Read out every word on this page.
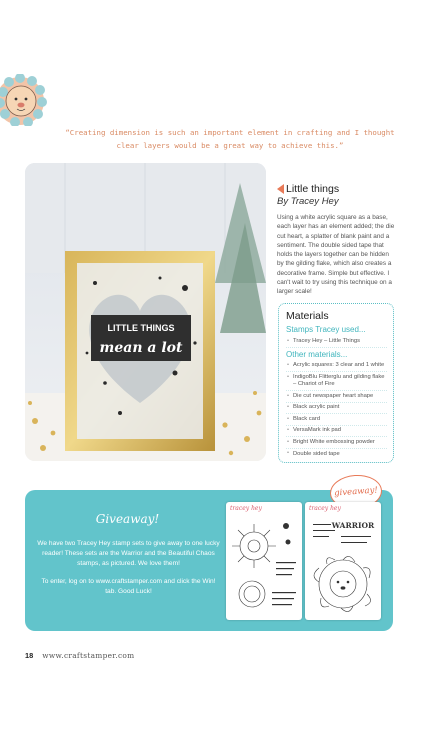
“Creating dimension is such an important element in crafting and I thought clear layers would be a great way to achieve this.”
LITTLE THINGS
mean a lot
Little things
By Tracey Hey
Using a white acrylic square as a base, each layer has an element added; the die cut heart, a splatter of blank paint and a sentiment. The double sided tape that holds the layers together can be hidden by the gilding flake, which also creates a decorative frame. Simple but effective. I can't wait to try using this technique on a larger scale!
Materials
Stamps Tracey used...
• Tracey Hey – Little Things
Other materials...
• Acrylic squares: 3 clear and 1 white
• IndigoBlu Flitterglu and gilding flake – Chariot of Fire
• Die cut newspaper heart shape
• Black acrylic paint
• Black card
• VersaMark ink pad
• Bright White embossing powder
• Double sided tape
Giveaway!

We have two Tracey Hey stamp sets to give away to one lucky reader! These sets are the Warrior and the Beautiful Chaos stamps, as pictured. We love them!

To enter, log on to www.craftstamper.com and click the Win! tab. Good Luck!

giveaway!
tracey hey	tracey hey
WARRIOR
18 www.craftstamper.com
